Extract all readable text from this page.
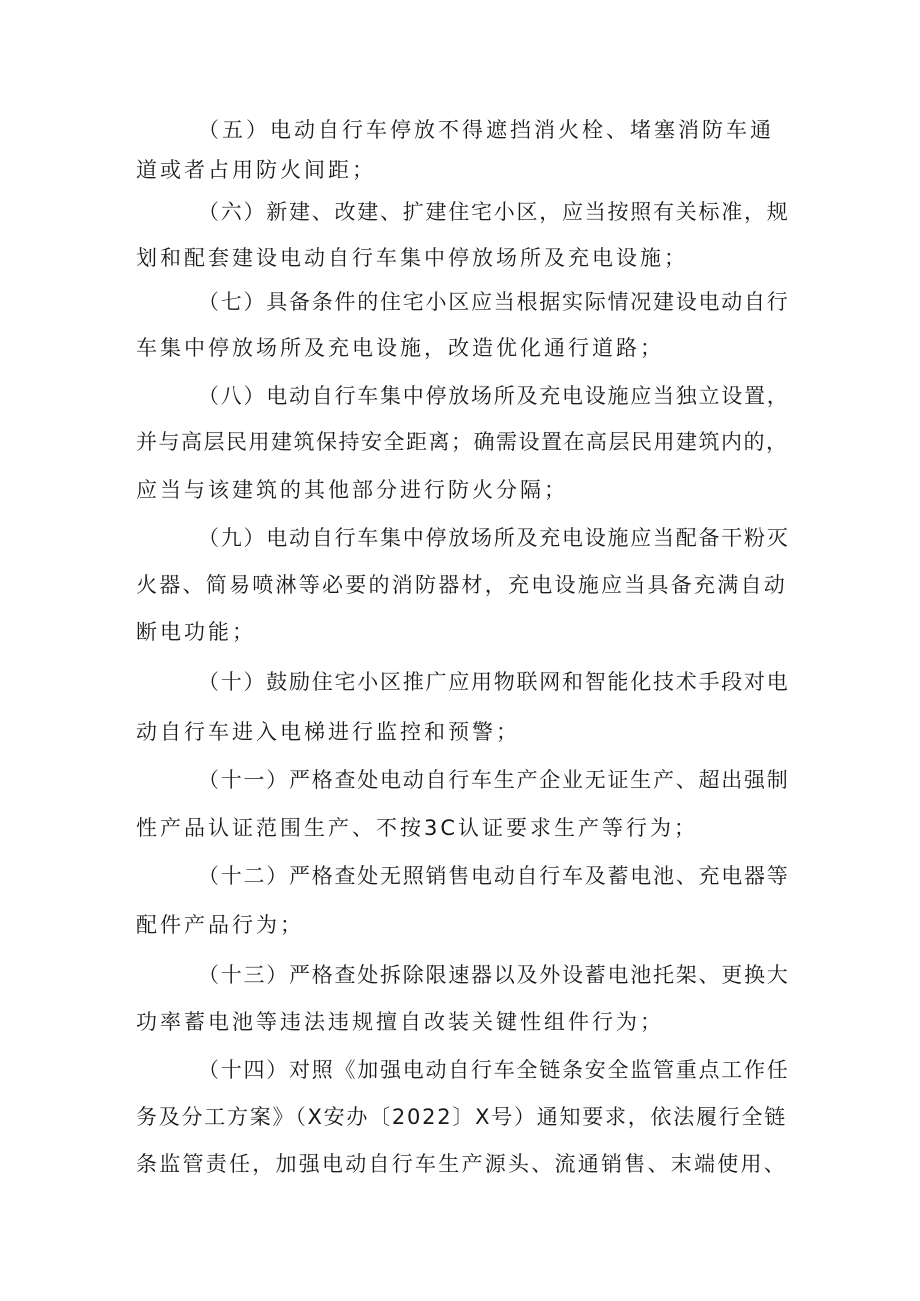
（五）电动自行车停放不得遮挡消火栓、堵塞消防车通
道或者占用防火间距；
（六）新建、改建、扩建住宅小区，应当按照有关标准，规
划和配套建设电动自行车集中停放场所及充电设施；
（七）具备条件的住宅小区应当根据实际情况建设电动自行
车集中停放场所及充电设施，改造优化通行道路；
（八）电动自行车集中停放场所及充电设施应当独立设置，
并与高层民用建筑保持安全距离；确需设置在高层民用建筑内的，
应当与该建筑的其他部分进行防火分隔；
（九）电动自行车集中停放场所及充电设施应当配备干粉灭
火器、简易喷淋等必要的消防器材，充电设施应当具备充满自动
断电功能；
（十）鼓励住宅小区推广应用物联网和智能化技术手段对电
动自行车进入电梯进行监控和预警；
（十一）严格查处电动自行车生产企业无证生产、超出强制
性产品认证范围生产、不按3C认证要求生产等行为；
（十二）严格查处无照销售电动自行车及蓄电池、充电器等
配件产品行为；
（十三）严格查处拆除限速器以及外设蓄电池托架、更换大
功率蓄电池等违法违规擅自改装关键性组件行为；
（十四）对照《加强电动自行车全链条安全监管重点工作任
务及分工方案》（X安办〔2022〕X号）通知要求，依法履行全链
条监管责任，加强电动自行车生产源头、流通销售、末端使用、
